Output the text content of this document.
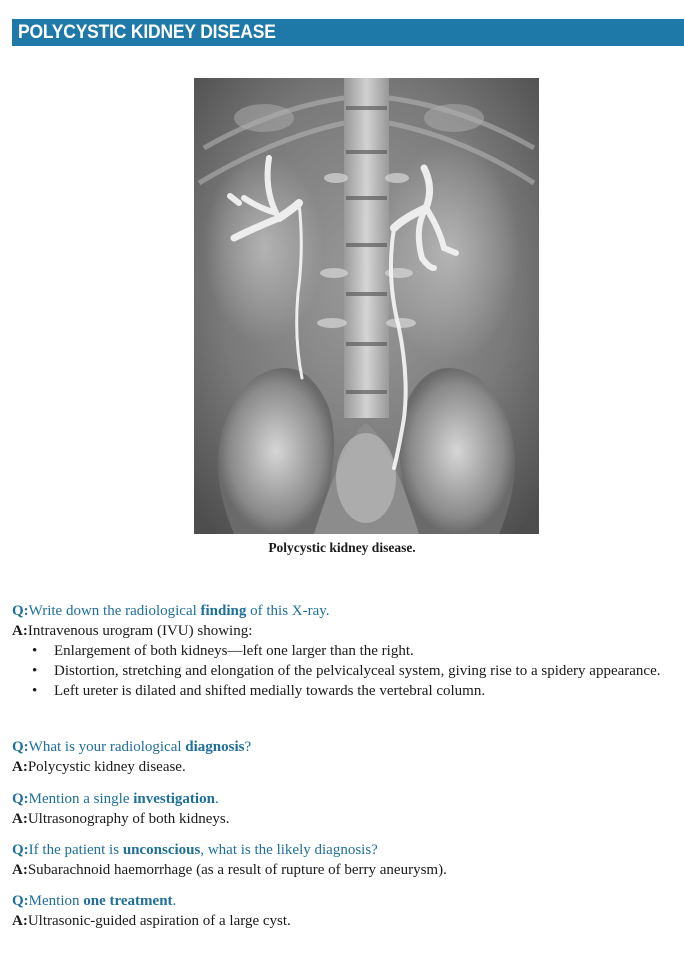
POLYCYSTIC KIDNEY DISEASE
Polycystic kidney disease.
Q:Write down the radiological finding of this X-ray.
A:Intravenous urogram (IVU) showing:
• Enlargement of both kidneys—left one larger than the right.
• Distortion, stretching and elongation of the pelvicalyceal system, giving rise to a spidery appearance.
• Left ureter is dilated and shifted medially towards the vertebral column.
Q:What is your radiological diagnosis?
A:Polycystic kidney disease.
Q:Mention a single investigation.
A:Ultrasonography of both kidneys.
Q:If the patient is unconscious, what is the likely diagnosis?
A:Subarachnoid haemorrhage (as a result of rupture of berry aneurysm).
Q:Mention one treatment.
A:Ultrasonic-guided aspiration of a large cyst.
